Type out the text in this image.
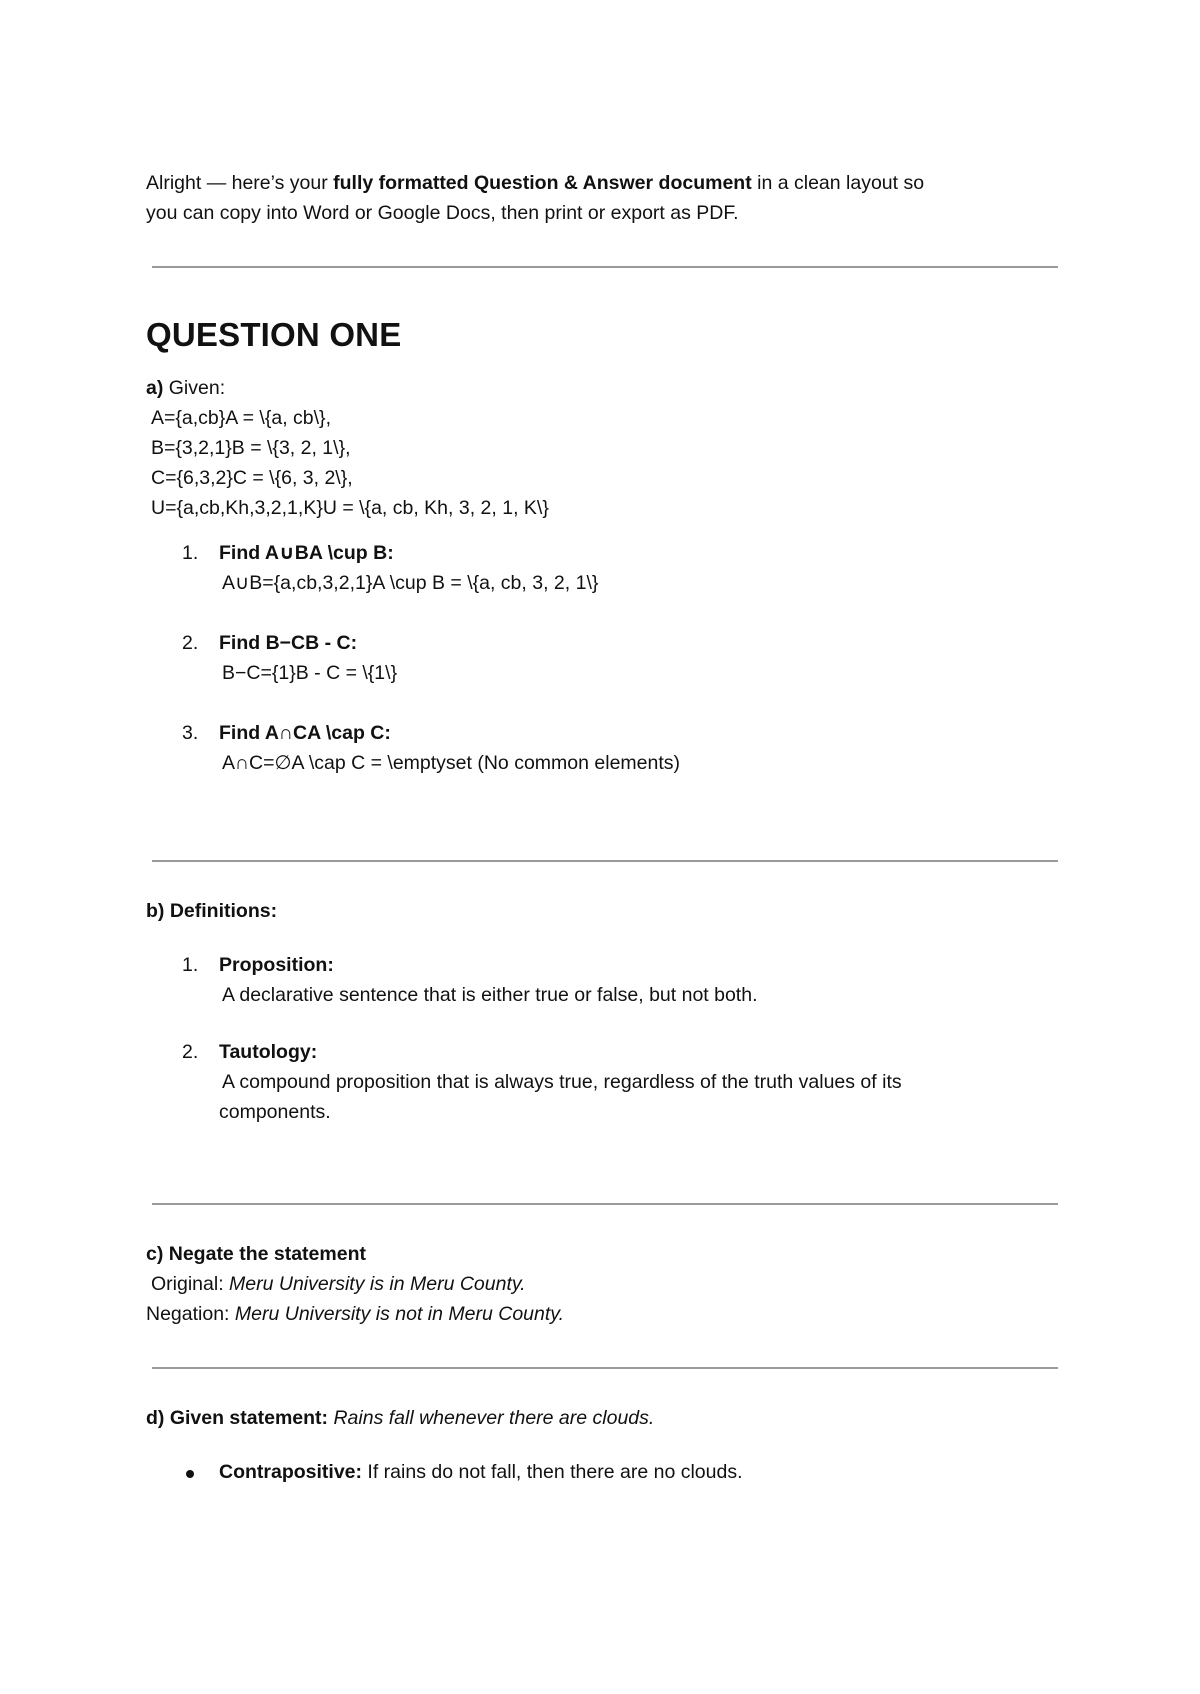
Alright — here’s your fully formatted Question & Answer document in a clean layout so
you can copy into Word or Google Docs, then print or export as PDF.

QUESTION ONE

a) Given:

A={a,cb}A = \{a, cb\},

B={3,2,1}B = \{3, 2, 1\},

C={6,3,2}C = \{6, 3, 2\},

U={a,cb,Kh,3,2,1,K}U = \{a, cb, Kh, 3, 2, 1, K\}

1.	Find A∪BA \cup B:
A∪B={a,cb,3,2,1}A \cup B = \{a, cb, 3, 2, 1\}
2.	Find B−CB - C:
B−C={1}B - C = \{1\}
3.	Find A∩CA \cap C:
A∩C=∅A \cap C = \emptyset (No common elements)

b) Definitions:

1.	Proposition:
A declarative sentence that is either true or false, but not both.
2.	Tautology:
A compound proposition that is always true, regardless of the truth values of its
components.

c) Negate the statement

Original: Meru University is in Meru County.

Negation: Meru University is not in Meru County.

d) Given statement: Rains fall whenever there are clouds.

Contrapositive: If rains do not fall, then there are no clouds.
